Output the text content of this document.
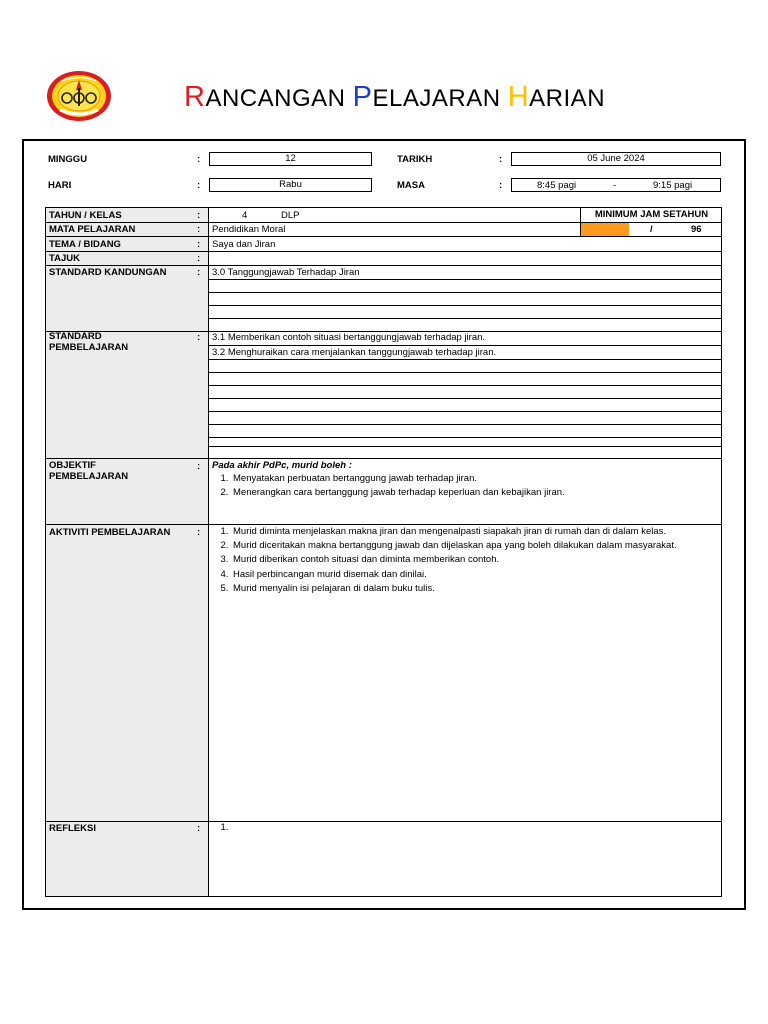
RANCANGAN PELAJARAN HARIAN
MINGGU	:	12	TARIKH	:	05 June 2024
HARI	:	Rabu	MASA	:	8:45 pagi	-	9:15 pagi
TAHUN / KELAS	:	4	DLP	MINIMUM JAM SETAHUN
/	96
MATA PELAJARAN	: Pendidikan Moral
TEMA / BIDANG	: Saya dan Jiran
TAJUK	:
STANDARD KANDUNGAN	: 3.0 Tanggungjawab Terhadap Jiran
STANDARD
PEMBELAJARAN
: 3.1 Memberikan contoh situasi bertanggungjawab terhadap jiran.
3.2 Menghuraikan cara menjalankan tanggungjawab terhadap jiran.
OBJEKTIF
PEMBELAJARAN
: Pada akhir PdPc, murid boleh :
1. Menyatakan perbuatan bertanggung jawab terhadap jiran.
2. Menerangkan cara bertanggung jawab terhadap keperluan dan kebajikan jiran.
AKTIVITI PEMBELAJARAN	:
1.	Murid diminta menjelaskan makna jiran dan mengenalpasti siapakah jiran di rumah dan di dalam kelas.
2. Murid diceritakan makna bertanggung jawab dan dijelaskan apa yang boleh dilakukan dalam masyarakat.
3. Murid diberikan contoh situasi dan diminta memberikan contoh.
4. Hasil perbincangan murid disemak dan dinilai.
5. Murid menyalin isi pelajaran di dalam buku tulis.
REFLEKSI	:
1.
